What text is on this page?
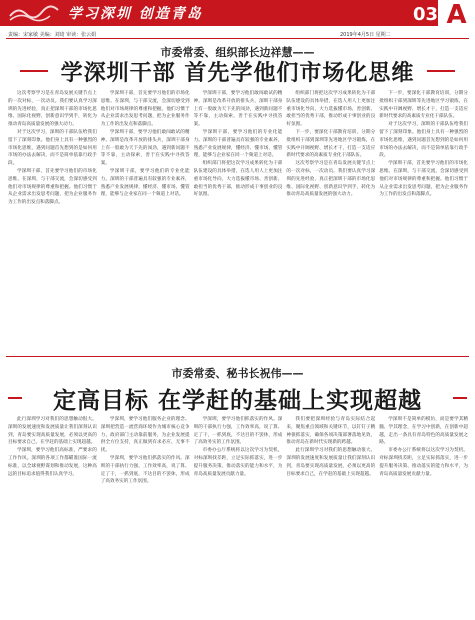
学习深圳 创造青岛	03 A
责编：宋家敏 美编：刘琦 审读：张云娟	2019年4月5日 星期二
市委常委、组织部长边祥慧——
学深圳干部 首先学他们市场化思维

这次考察学习是在青岛发展关键节点上的一次对标，一次动员。我们要认真学习深圳的先进经验，真正把深圳干部的市场化思维、国际化视野、创新意识学到手，转化为推动青岛高质量发展的强大动力。

对于这次学习，深圳的干部队伍给我们留下了深刻印象。他们身上具有一种强烈的市场化思维，遇到问题首先想到的是如何用市场的办法去解决，而不是简单依靠行政手段。

学深圳干部，首先要学习他们的市场化思维。在深圳，与干部交流，会深切感受到他们对市场规律的尊重和把握。他们习惯于从企业需求出发思考问题，把为企业服务作为工作的出发点和落脚点。

学深圳干部，首先要学习他们的市场化思维。在深圳，与干部交流，会深切感受到他们对市场规律的尊重和把握。他们习惯于从企业需求出发思考问题，把为企业服务作为工作的出发点和落脚点。

学深圳干部，要学习他们敢闯敢试的精神。深圳是改革开放的排头兵，深圳干部身上有一股敢为天下先的闯劲，遇到新问题不等不靠，主动探索，善于在实践中寻找答案。

学深圳干部，要学习他们的专业化能力。深圳的干部普遍具有较强的专业素养，熟悉产业发展规律，懂经济、懂市场、懂管理，能够与企业家在同一个频道上对话。

学深圳干部，要学习他们敢闯敢试的精神。深圳是改革开放的排头兵，深圳干部身上有一股敢为天下先的闯劲，遇到新问题不等不靠，主动探索，善于在实践中寻找答案。

学深圳干部，要学习他们的专业化能力。深圳的干部普遍具有较强的专业素养，熟悉产业发展规律，懂经济、懂市场、懂管理，能够与企业家在同一个频道上对话。

组织部门将把这次学习成果转化为干部队伍建设的具体举措，在选人用人上更加注重市场化导向，大力选拔懂市场、善创新、敢担当的优秀干部，推动形成干事创业的良好氛围。

组织部门将把这次学习成果转化为干部队伍建设的具体举措，在选人用人上更加注重市场化导向，大力选拔懂市场、善创新、敢担当的优秀干部，推动形成干事创业的良好氛围。

下一步，要深化干部教育培训，分期分批组织干部到深圳等先进地区学习锻炼，在实践中开阔视野、增长才干，打造一支适应新时代要求的高素质专业化干部队伍。

这次考察学习是在青岛发展关键节点上的一次对标，一次动员。我们要认真学习深圳的先进经验，真正把深圳干部的市场化思维、国际化视野、创新意识学到手，转化为推动青岛高质量发展的强大动力。

下一步，要深化干部教育培训，分期分批组织干部到深圳等先进地区学习锻炼，在实践中开阔视野、增长才干，打造一支适应新时代要求的高素质专业化干部队伍。

对于这次学习，深圳的干部队伍给我们留下了深刻印象。他们身上具有一种强烈的市场化思维，遇到问题首先想到的是如何用市场的办法去解决，而不是简单依靠行政手段。

学深圳干部，首先要学习他们的市场化思维。在深圳，与干部交流，会深切感受到他们对市场规律的尊重和把握。他们习惯于从企业需求出发思考问题，把为企业服务作为工作的出发点和落脚点。

市委常委、秘书长祝伟——
定高目标 在学赶的基础上实现超越

此行深圳学习对我们的思想触动很大。深圳的发展速度和发展质量让我们深刻认识到，青岛要实现高质量发展，必须以更高的目标要求自己，在学赶的基础上实现超越。

学深圳，要学习他们高标准、严要求的工作作风。深圳的各项工作都瞄准国际一流标准，以全球视野谋划和推动发展，这种高远的目标追求值得我们认真学习。

学深圳，要学习他们服务企业的理念。深圳把营造一流营商环境作为城市核心竞争力，政府部门主动靠前服务，为企业发展提供全方位支持，真正做到有求必应、无事不扰。

学深圳，要学习他们抓落实的作风。深圳的干部执行力强，工作效率高，说了算、定了干，一抓到底，不达目的不罢休，形成了高效务实的工作氛围。

学深圳，要学习他们抓落实的作风。深圳的干部执行力强，工作效率高，说了算、定了干，一抓到底，不达目的不罢休，形成了高效务实的工作氛围。

市委办公厅系统将以这次学习为契机，对标深圳找差距，立足实际抓落实，进一步提升服务决策、推动落实的能力和水平，为青岛高质量发展贡献力量。

我们要把深圳经验与青岛实际结合起来，聚焦重点领域和关键环节，以钉钉子精神狠抓落实，确保各项决策部署落地见效，推动青岛在新时代实现新的跨越。

此行深圳学习对我们的思想触动很大。深圳的发展速度和发展质量让我们深刻认识到，青岛要实现高质量发展，必须以更高的目标要求自己，在学赶的基础上实现超越。

学深圳不是简单的模仿，而是要学其精髓、学其理念，在学习中创新，在创新中超越，走出一条具有青岛特色的高质量发展之路。

市委办公厅系统将以这次学习为契机，对标深圳找差距，立足实际抓落实，进一步提升服务决策、推动落实的能力和水平，为青岛高质量发展贡献力量。
